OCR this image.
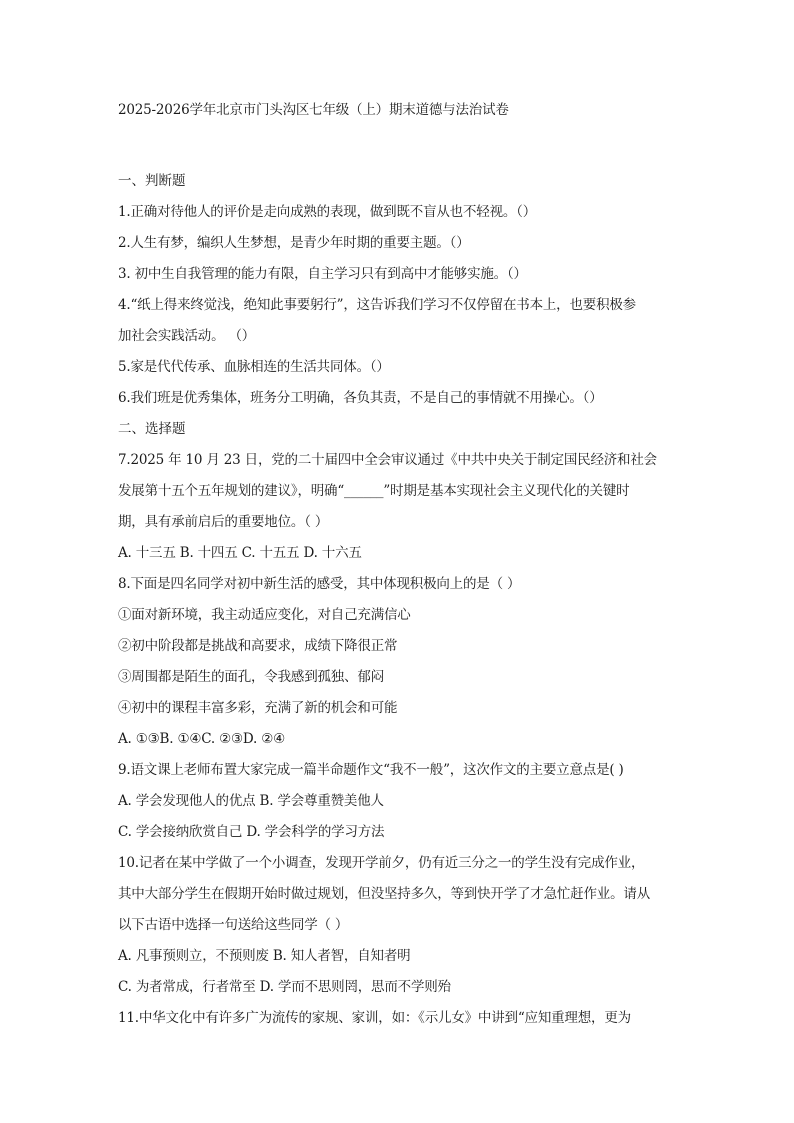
2025-2026学年北京市门头沟区七年级（上）期末道德与法治试卷
一、判断题
1.正确对待他人的评价是走向成熟的表现，做到既不盲从也不轻视。（）
2.人生有梦，编织人生梦想，是青少年时期的重要主题。（）
3. 初中生自我管理的能力有限，自主学习只有到高中才能够实施。（）
4.“纸上得来终觉浅，绝知此事要躬行”，这告诉我们学习不仅停留在书本上，也要积极参
加社会实践活动。 （）
5.家是代代传承、血脉相连的生活共同体。（）
6.我们班是优秀集体，班务分工明确，各负其责，不是自己的事情就不用操心。（）
二、选择题
7.2025 年 10 月 23 日，党的二十届四中全会审议通过《中共中央关于制定国民经济和社会
发展第十五个五年规划的建议》，明确“______”时期是基本实现社会主义现代化的关键时
期，具有承前启后的重要地位。（ ）
A. 十三五 B. 十四五 C. 十五五 D. 十六五
8.下面是四名同学对初中新生活的感受，其中体现积极向上的是（ ）
①面对新环境，我主动适应变化，对自己充满信心
②初中阶段都是挑战和高要求，成绩下降很正常
③周围都是陌生的面孔，令我感到孤独、郁闷
④初中的课程丰富多彩，充满了新的机会和可能
A. ①③B. ①④C. ②③D. ②④
9.语文课上老师布置大家完成一篇半命题作文“我不一般”，这次作文的主要立意点是( )
A. 学会发现他人的优点 B. 学会尊重赞美他人
C. 学会接纳欣赏自己 D. 学会科学的学习方法
10.记者在某中学做了一个小调查，发现开学前夕，仍有近三分之一的学生没有完成作业，
其中大部分学生在假期开始时做过规划，但没坚持多久，等到快开学了才急忙赶作业。请从
以下古语中选择一句送给这些同学（ ）
A. 凡事预则立，不预则废 B. 知人者智，自知者明
C. 为者常成，行者常至 D. 学而不思则罔，思而不学则殆
11.中华文化中有许多广为流传的家规、家训，如：《示儿女》中讲到“应知重理想，更为
